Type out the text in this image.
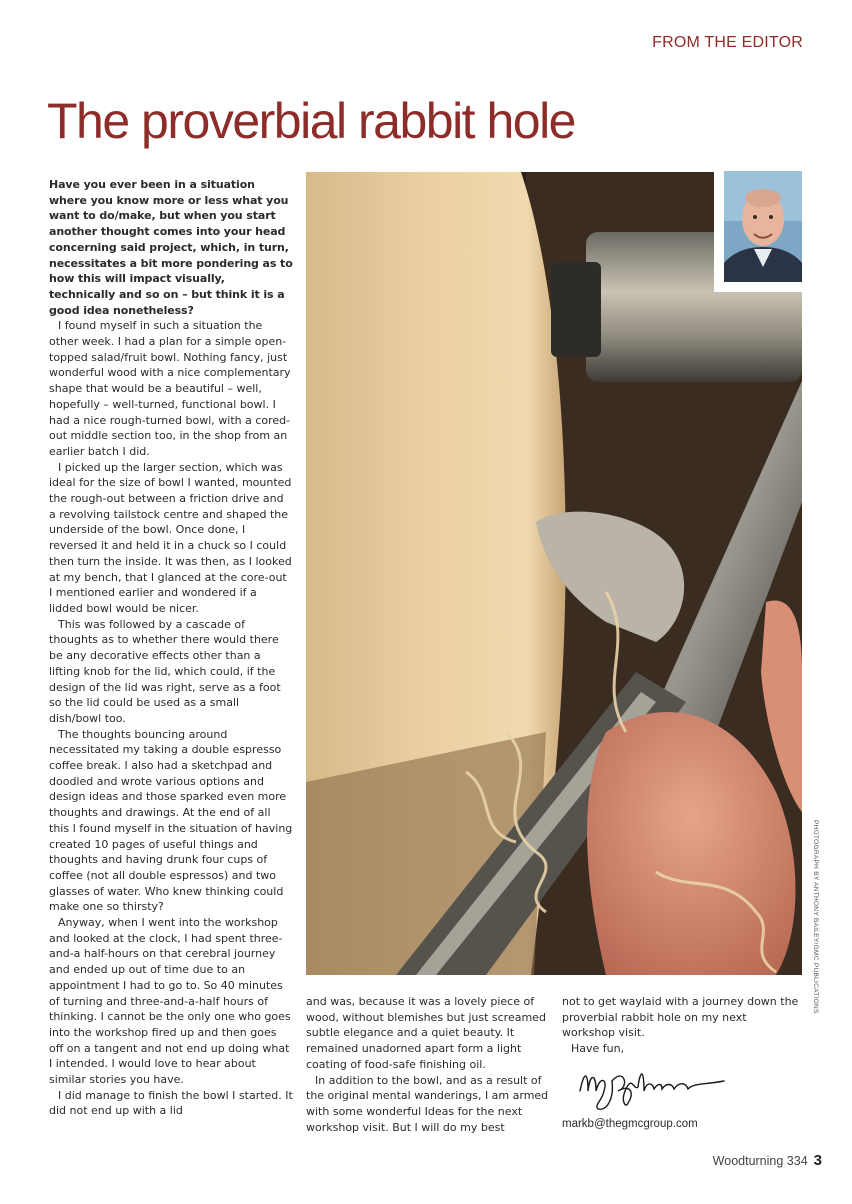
FROM THE EDITOR
The proverbial rabbit hole

Have you ever been in a situation where you know more or less what you want to do/make, but when you start another thought comes into your head concerning said project, which, in turn, necessitates a bit more pondering as to how this will impact visually, technically and so on – but think it is a good idea nonetheless?

I found myself in such a situation the other week. I had a plan for a simple open-topped salad/fruit bowl. Nothing fancy, just wonderful wood with a nice complementary shape that would be a beautiful – well, hopefully – well-turned, functional bowl. I had a nice rough-turned bowl, with a cored-out middle section too, in the shop from an earlier batch I did.

I picked up the larger section, which was ideal for the size of bowl I wanted, mounted the rough-out between a friction drive and a revolving tailstock centre and shaped the underside of the bowl. Once done, I reversed it and held it in a chuck so I could then turn the inside. It was then, as I looked at my bench, that I glanced at the core-out I mentioned earlier and wondered if a lidded bowl would be nicer.

This was followed by a cascade of thoughts as to whether there would there be any decorative effects other than a lifting knob for the lid, which could, if the design of the lid was right, serve as a foot so the lid could be used as a small dish/bowl too.

The thoughts bouncing around necessitated my taking a double espresso coffee break. I also had a sketchpad and doodled and wrote various options and design ideas and those sparked even more thoughts and drawings. At the end of all this I found myself in the situation of having created 10 pages of useful things and thoughts and having drunk four cups of coffee (not all double espressos) and two glasses of water. Who knew thinking could make one so thirsty?

Anyway, when I went into the workshop and looked at the clock, I had spent three-and-a half-hours on that cerebral journey and ended up out of time due to an appointment I had to go to. So 40 minutes of turning and three-and-a-half hours of thinking. I cannot be the only one who goes into the workshop fired up and then goes off on a tangent and not end up doing what I intended. I would love to hear about similar stories you have.

I did manage to finish the bowl I started. It did not end up with a lid

PHOTOGRAPH BY ANTHONY BAILEY/GMC PUBLICATIONS

and was, because it was a lovely piece of wood, without blemishes but just screamed subtle elegance and a quiet beauty. It remained unadorned apart form a light coating of food-safe finishing oil.

In addition to the bowl, and as a result of the original mental wanderings, I am armed with some wonderful Ideas for the next workshop visit. But I will do my best

not to get waylaid with a journey down the proverbial rabbit hole on my next workshop visit.

Have fun,

markb@thegmcgroup.com
Woodturning 334 3
